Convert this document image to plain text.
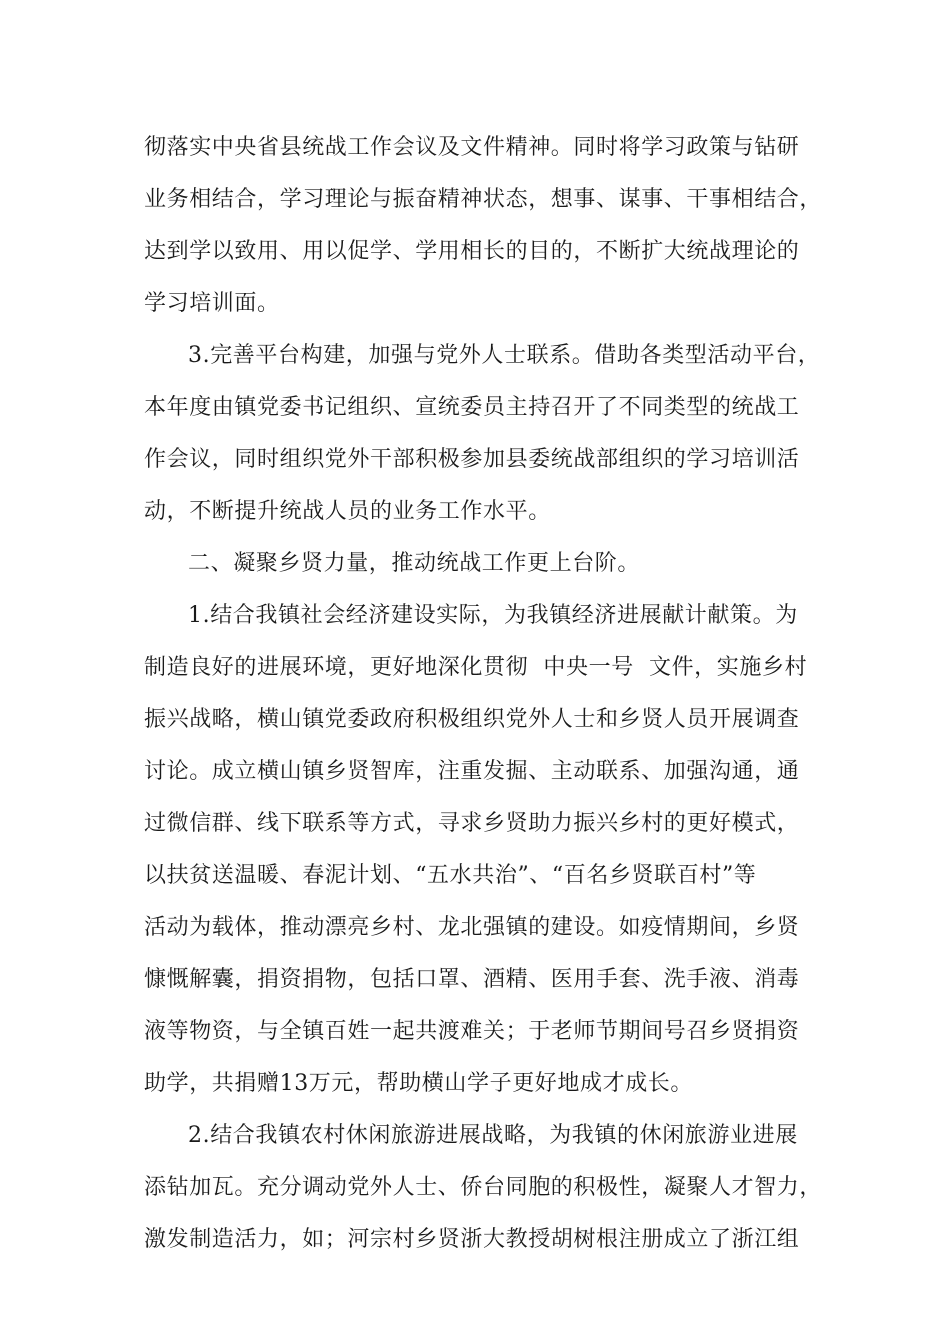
彻落实中央省县统战工作会议及文件精神。同时将学习政策与钻研
业务相结合，学习理论与振奋精神状态，想事、谋事、干事相结合，
达到学以致用、用以促学、学用相长的目的，不断扩大统战理论的
学习培训面。
3.完善平台构建，加强与党外人士联系。借助各类型活动平台，
本年度由镇党委书记组织、宣统委员主持召开了不同类型的统战工
作会议，同时组织党外干部积极参加县委统战部组织的学习培训活
动，不断提升统战人员的业务工作水平。
二、凝聚乡贤力量，推动统战工作更上台阶。
1.结合我镇社会经济建设实际，为我镇经济进展献计献策。为
制造良好的进展环境，更好地深化贯彻  中央一号  文件，实施乡村
振兴战略，横山镇党委政府积极组织党外人士和乡贤人员开展调查
讨论。成立横山镇乡贤智库，注重发掘、主动联系、加强沟通，通
过微信群、线下联系等方式，寻求乡贤助力振兴乡村的更好模式，
以扶贫送温暖、春泥计划、“五水共治”、“百名乡贤联百村”等
活动为载体，推动漂亮乡村、龙北强镇的建设。如疫情期间，乡贤
慷慨解囊，捐资捐物，包括口罩、酒精、医用手套、洗手液、消毒
液等物资，与全镇百姓一起共渡难关；于老师节期间号召乡贤捐资
助学，共捐赠13万元，帮助横山学子更好地成才成长。
2.结合我镇农村休闲旅游进展战略，为我镇的休闲旅游业进展
添钻加瓦。充分调动党外人士、侨台同胞的积极性，凝聚人才智力，
激发制造活力，如；河宗村乡贤浙大教授胡树根注册成立了浙江组
